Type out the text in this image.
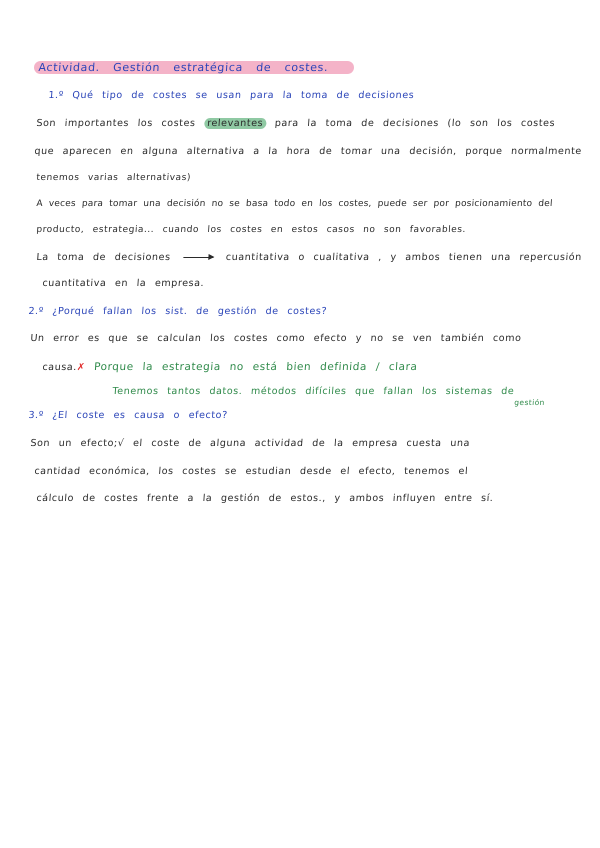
Actividad. Gestión estratégica de costes.
1.º Qué tipo de costes se usan para la toma de decisiones
Son importantes los costes relevantes para la toma de decisiones (lo son los costes
que aparecen en alguna alternativa a la hora de tomar una decisión, porque normalmente
tenemos varias alternativas)
A veces para tomar una decisión no se basa todo en los costes, puede ser por posicionamiento del
producto, estrategia... cuando los costes en estos casos no son favorables.
La toma de decisiones	cuantitativa o cualitativa , y ambos tienen una repercusión
cuantitativa en la empresa.
2.º ¿Porqué fallan los sist. de gestión de costes?
Un error es que se calculan los costes como efecto y no se ven también como
causa.✗ Porque la estrategia no está bien definida / clara
Tenemos tantos datos. métodos difíciles que fallan los sistemas de
gestión
3.º ¿El coste es causa o efecto?
Son un efecto;√ el coste de alguna actividad de la empresa cuesta una
cantidad económica, los costes se estudian desde el efecto, tenemos el
cálculo de costes frente a la gestión de estos., y ambos influyen entre sí.
